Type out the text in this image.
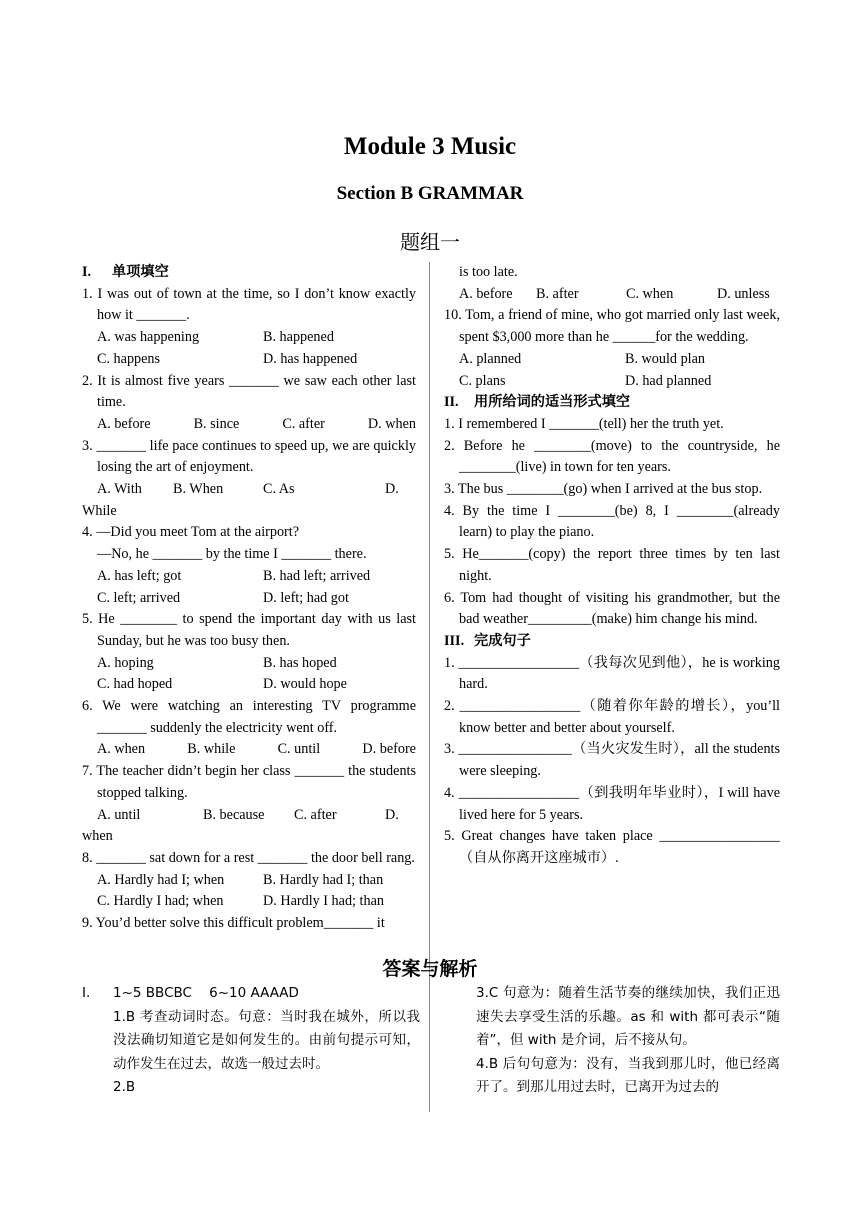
Module 3 Music
Section B GRAMMAR
题组一
I. 单项填空
1. I was out of town at the time, so I don’t know exactly how it _______.
A. was happening	B. happened
C. happens	D. has happened
2. It is almost five years _______ we saw each other last time.
A. before	B. since	C. after	D. when
3. _______ life pace continues to speed up, we are quickly losing the art of enjoyment.
A. With	B. When	C. As	D.
While
4. —Did you meet Tom at the airport?
—No, he _______ by the time I _______ there.
A. has left; got	B. had left; arrived
C. left; arrived	D. left; had got
5. He ________ to spend the important day with us last Sunday, but he was too busy then.
A. hoping	B. has hoped
C. had hoped	D. would hope
6. We were watching an interesting TV programme _______ suddenly the electricity went off.
A. when	B. while	C. until	D. before
7. The teacher didn’t begin her class _______ the students stopped talking.
A. until	B. because	C. after	D.
when
8. _______ sat down for a rest _______ the door bell rang.
A. Hardly had I; when	B. Hardly had I; than
C. Hardly I had; when	D. Hardly I had; than
9. You’d better solve this difficult problem_______ it
is too late.
A. before	B. after	C. when	D. unless
10. Tom, a friend of mine, who got married only last week, spent $3,000 more than he ______for the wedding.
A. planned	B. would plan
C. plans	D. had planned
II. 用所给词的适当形式填空
1. I remembered I _______(tell) her the truth yet.
2. Before he ________(move) to the countryside, he ________(live) in town for ten years.
3. The bus ________(go) when I arrived at the bus stop.
4. By the time I ________(be) 8, I ________(already learn) to play the piano.
5. He_______(copy) the report three times by ten last night.
6. Tom had thought of visiting his grandmother, but the bad weather_________(make) him change his mind.
III. 完成句子
1. _________________（我每次见到他），he is working hard.
2. _________________（随着你年龄的增长），you’ll know better and better about yourself.
3. ________________（当火灾发生时），all the students were sleeping.
4. _________________（到我明年毕业时），I will have lived here for 5 years.
5. Great changes have taken place _________________（自从你离开这座城市）.
答案与解析
I.	1~5 BBCBC    6~10 AAAAD
1.B 考查动词时态。句意：当时我在城外，所以我没法确切知道它是如何发生的。由前句提示可知，动作发生在过去，故选一般过去时。
2.B
3.C 句意为：随着生活节奏的继续加快，我们正迅速失去享受生活的乐趣。as 和 with 都可表示“随着”，但 with 是介词，后不接从句。
4.B 后句句意为：没有，当我到那儿时，他已经离开了。到那儿用过去时，已离开为过去的
